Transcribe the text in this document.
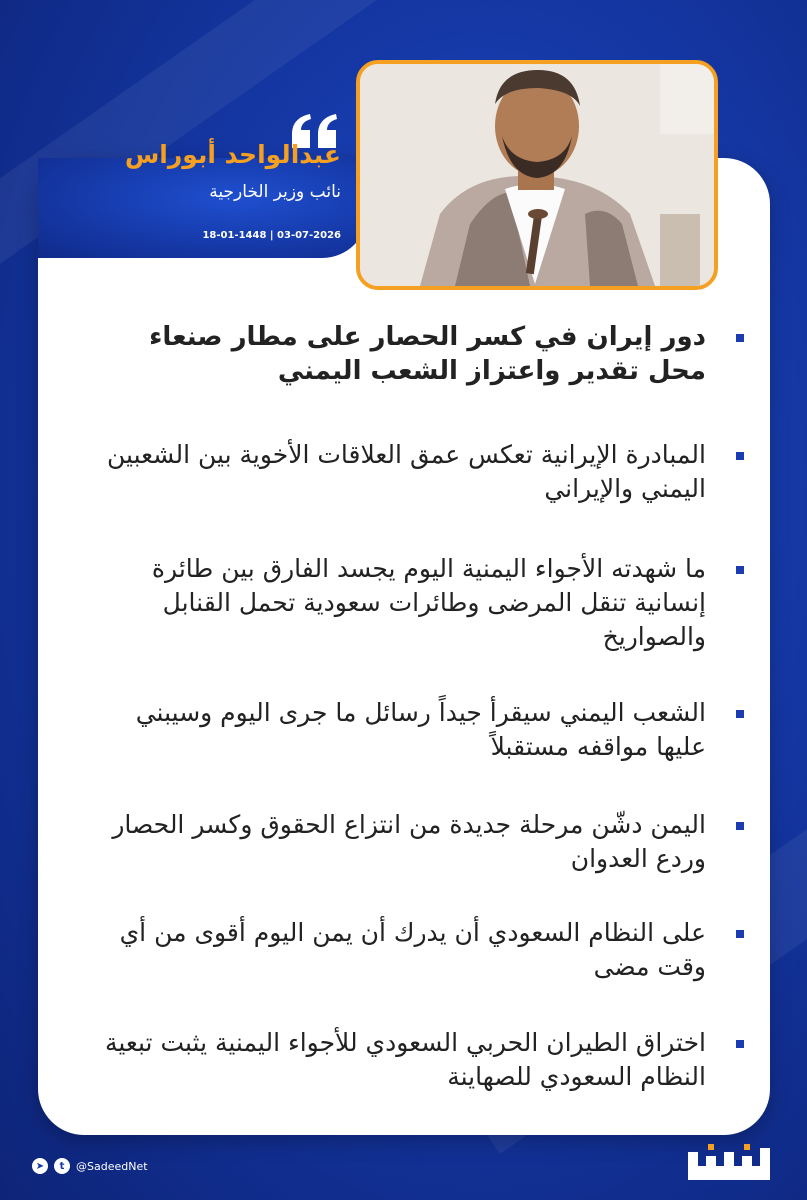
عبدالواحد أبوراس
نائب وزير الخارجية
18-01-1448 | 03-07-2026
دور إيران في كسر الحصار على مطار صنعاء محل تقدير واعتزاز الشعب اليمني
المبادرة الإيرانية تعكس عمق العلاقات الأخوية بين الشعبين اليمني والإيراني
ما شهدته الأجواء اليمنية اليوم يجسد الفارق بين طائرة إنسانية تنقل المرضى وطائرات سعودية تحمل القنابل والصواريخ
الشعب اليمني سيقرأ جيداً رسائل ما جرى اليوم وسيبني عليها مواقفه مستقبلاً
اليمن دشّن مرحلة جديدة من انتزاع الحقوق وكسر الحصار وردع العدوان
على النظام السعودي أن يدرك أن يمن اليوم أقوى من أي وقت مضى
اختراق الطيران الحربي السعودي للأجواء اليمنية يثبت تبعية النظام السعودي للصهاينة
➤	t	@SadeedNet
